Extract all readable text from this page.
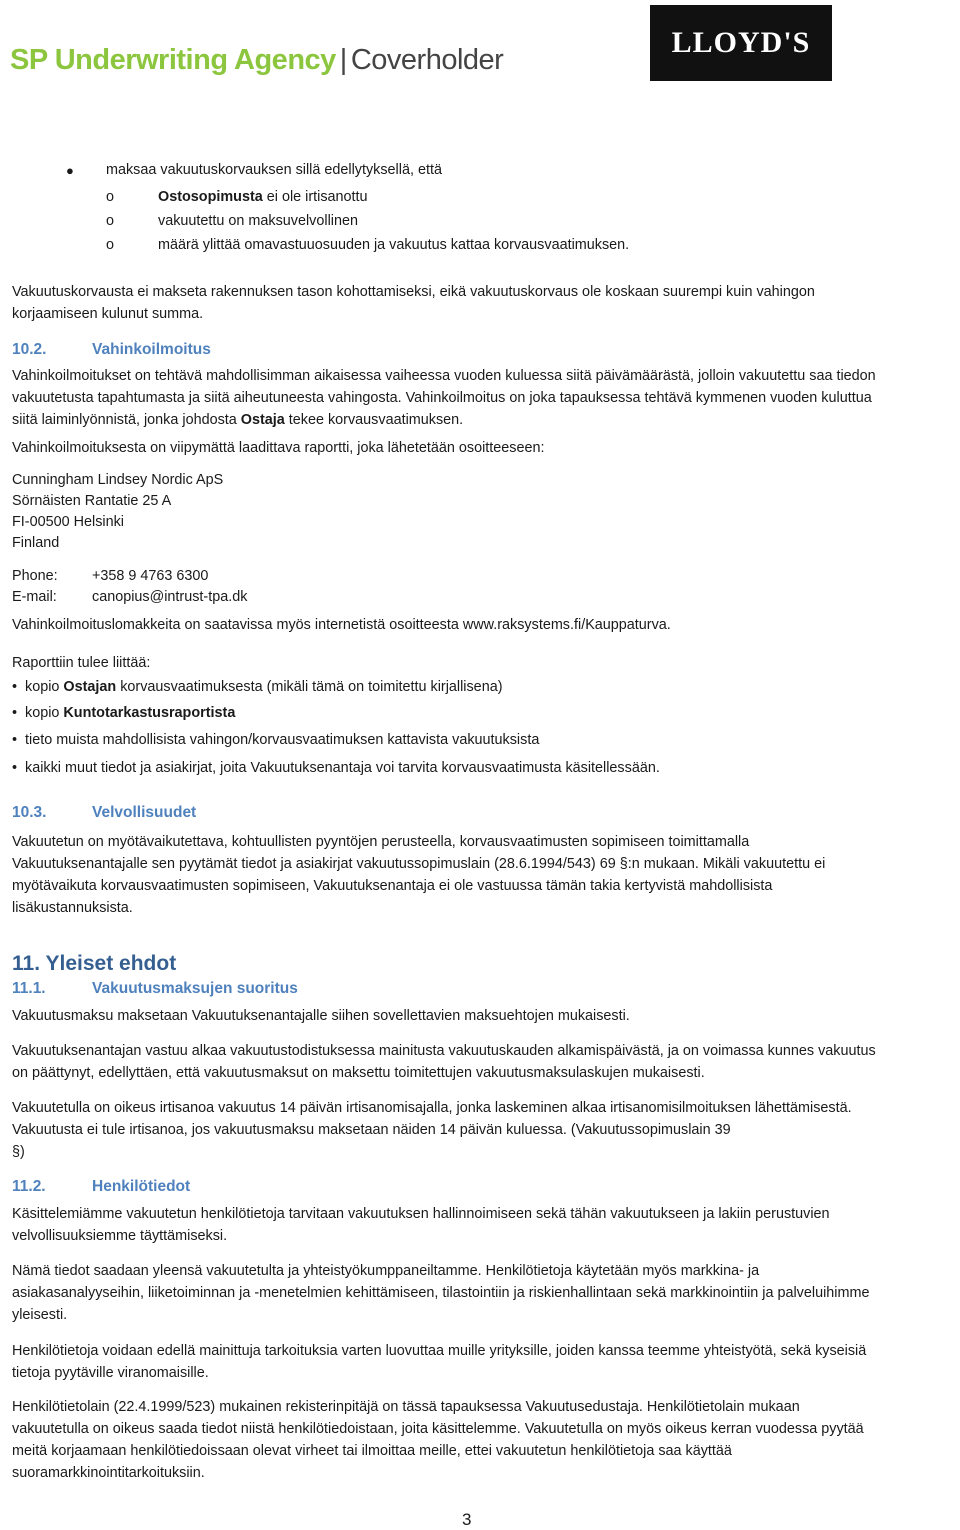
SP Underwriting Agency | Coverholder
LLOYD'S
● maksaa vakuutuskorvauksen sillä edellytyksellä, että
o	Ostosopimusta ei ole irtisanottu
o	vakuutettu on maksuvelvollinen
o	määrä ylittää omavastuuosuuden ja vakuutus kattaa korvausvaatimuksen.
Vakuutuskorvausta ei makseta rakennuksen tason kohottamiseksi, eikä vakuutuskorvaus ole koskaan suurempi kuin vahingon
korjaamiseen kulunut summa.
10.2.	Vahinkoilmoitus
Vahinkoilmoitukset on tehtävä mahdollisimman aikaisessa vaiheessa vuoden kuluessa siitä päivämäärästä, jolloin vakuutettu saa tiedon
vakuutetusta tapahtumasta ja siitä aiheutuneesta vahingosta. Vahinkoilmoitus on joka tapauksessa tehtävä kymmenen vuoden kuluttua
siitä laiminlyönnistä, jonka johdosta Ostaja tekee korvausvaatimuksen.
Vahinkoilmoituksesta on viipymättä laadittava raportti, joka lähetetään osoitteeseen:
Cunningham Lindsey Nordic ApS
Sörnäisten Rantatie 25 A
FI-00500 Helsinki
Finland
Phone: +358 9 4763 6300
E-mail: canopius@intrust-tpa.dk
Vahinkoilmoituslomakkeita on saatavissa myös internetistä osoitteesta www.raksystems.fi/Kauppaturva.
Raporttiin tulee liittää:
• kopio Ostajan korvausvaatimuksesta (mikäli tämä on toimitettu kirjallisena)
• kopio Kuntotarkastusraportista
• tieto muista mahdollisista vahingon/korvausvaatimuksen kattavista vakuutuksista
• kaikki muut tiedot ja asiakirjat, joita Vakuutuksenantaja voi tarvita korvausvaatimusta käsitellessään.
10.3.	Velvollisuudet
Vakuutetun on myötävaikutettava, kohtuullisten pyyntöjen perusteella, korvausvaatimusten sopimiseen toimittamalla
Vakuutuksenantajalle sen pyytämät tiedot ja asiakirjat vakuutussopimuslain (28.6.1994/543) 69 §:n mukaan. Mikäli vakuutettu ei
myötävaikuta korvausvaatimusten sopimiseen, Vakuutuksenantaja ei ole vastuussa tämän takia kertyvistä mahdollisista
lisäkustannuksista.
11. Yleiset ehdot
11.1.	Vakuutusmaksujen suoritus
Vakuutusmaksu maksetaan Vakuutuksenantajalle siihen sovellettavien maksuehtojen mukaisesti.
Vakuutuksenantajan vastuu alkaa vakuutustodistuksessa mainitusta vakuutuskauden alkamispäivästä, ja on voimassa kunnes vakuutus
on päättynyt, edellyttäen, että vakuutusmaksut on maksettu toimitettujen vakuutusmaksulaskujen mukaisesti.
Vakuutetulla on oikeus irtisanoa vakuutus 14 päivän irtisanomisajalla, jonka laskeminen alkaa irtisanomisilmoituksen lähettämisestä.
Vakuutusta ei tule irtisanoa, jos vakuutusmaksu maksetaan näiden 14 päivän kuluessa. (Vakuutussopimuslain 39
§)
11.2.	Henkilötiedot
Käsittelemiämme vakuutetun henkilötietoja tarvitaan vakuutuksen hallinnoimiseen sekä tähän vakuutukseen ja lakiin perustuvien
velvollisuuksiemme täyttämiseksi.
Nämä tiedot saadaan yleensä vakuutetulta ja yhteistyökumppaneiltamme. Henkilötietoja käytetään myös markkina- ja
asiakasanalyyseihin, liiketoiminnan ja -menetelmien kehittämiseen, tilastointiin ja riskienhallintaan sekä markkinointiin ja palveluihimme
yleisesti.
Henkilötietoja voidaan edellä mainittuja tarkoituksia varten luovuttaa muille yrityksille, joiden kanssa teemme yhteistyötä, sekä kyseisiä
tietoja pyytäville viranomaisille.
Henkilötietolain (22.4.1999/523) mukainen rekisterinpitäjä on tässä tapauksessa Vakuutusedustaja. Henkilötietolain mukaan
vakuutetulla on oikeus saada tiedot niistä henkilötiedoistaan, joita käsittelemme. Vakuutetulla on myös oikeus kerran vuodessa pyytää
meitä korjaamaan henkilötiedoissaan olevat virheet tai ilmoittaa meille, ettei vakuutetun henkilötietoja saa käyttää
suoramarkkinointitarkoituksiin.
3
